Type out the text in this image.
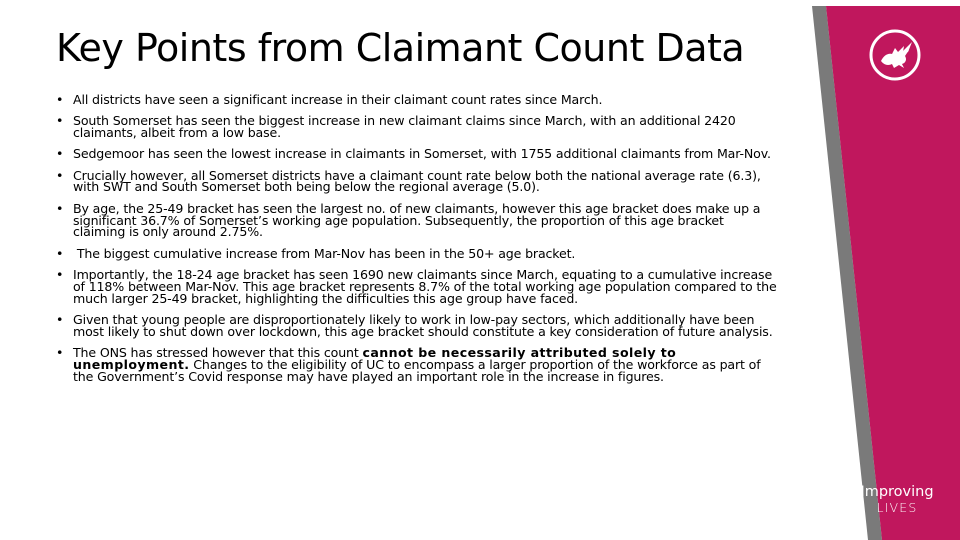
Key Points from Claimant Count Data
• All districts have seen a significant increase in their claimant count rates since March.
• South Somerset has seen the biggest increase in new claimant claims since March, with an additional 2420 claimants, albeit from a low base.
• Sedgemoor has seen the lowest increase in claimants in Somerset, with 1755 additional claimants from Mar-Nov.
• Crucially however, all Somerset districts have a claimant count rate below both the national average rate (6.3), with SWT and South Somerset both being below the regional average (5.0).
• By age, the 25-49 bracket has seen the largest no. of new claimants, however this age bracket does make up a significant 36.7% of Somerset’s working age population. Subsequently, the proportion of this age bracket claiming is only around 2.75%.
•  The biggest cumulative increase from Mar-Nov has been in the 50+ age bracket.
• Importantly, the 18-24 age bracket has seen 1690 new claimants since March, equating to a cumulative increase of 118% between Mar-Nov. This age bracket represents 8.7% of the total working age population compared to the much larger 25-49 bracket, highlighting the difficulties this age group have faced.
• Given that young people are disproportionately likely to work in low-pay sectors, which additionally have been most likely to shut down over lockdown, this age bracket should constitute a key consideration of future analysis.
• The ONS has stressed however that this count cannot be necessarily attributed solely to unemployment. Changes to the eligibility of UC to encompass a larger proportion of the workforce as part of the Government’s Covid response may have played an important role in the increase in figures.
Improving
LIVES
